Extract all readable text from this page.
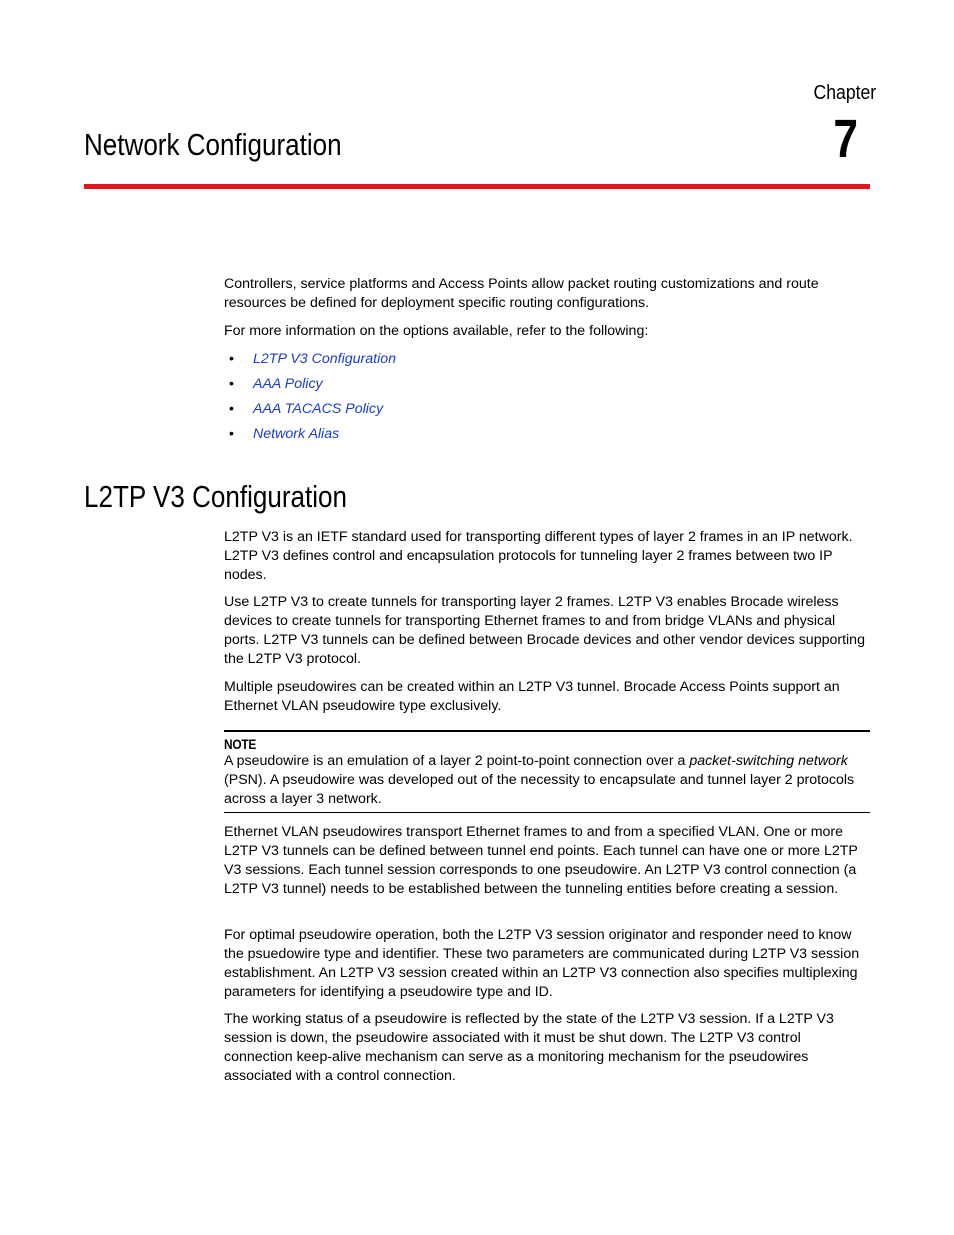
Chapter
7
Network Configuration

Controllers, service platforms and Access Points allow packet routing customizations and route resources be defined for deployment specific routing configurations.

For more information on the options available, refer to the following:

• L2TP V3 Configuration
• AAA Policy
• AAA TACACS Policy
• Network Alias
L2TP V3 Configuration

L2TP V3 is an IETF standard used for transporting different types of layer 2 frames in an IP network. L2TP V3 defines control and encapsulation protocols for tunneling layer 2 frames between two IP nodes.

Use L2TP V3 to create tunnels for transporting layer 2 frames. L2TP V3 enables Brocade wireless devices to create tunnels for transporting Ethernet frames to and from bridge VLANs and physical ports. L2TP V3 tunnels can be defined between Brocade devices and other vendor devices supporting the L2TP V3 protocol.

Multiple pseudowires can be created within an L2TP V3 tunnel. Brocade Access Points support an Ethernet VLAN pseudowire type exclusively.

NOTE

A pseudowire is an emulation of a layer 2 point-to-point connection over a packet-switching network (PSN). A pseudowire was developed out of the necessity to encapsulate and tunnel layer 2 protocols across a layer 3 network.

Ethernet VLAN pseudowires transport Ethernet frames to and from a specified VLAN. One or more L2TP V3 tunnels can be defined between tunnel end points. Each tunnel can have one or more L2TP V3 sessions. Each tunnel session corresponds to one pseudowire. An L2TP V3 control connection (a L2TP V3 tunnel) needs to be established between the tunneling entities before creating a session.

For optimal pseudowire operation, both the L2TP V3 session originator and responder need to know the psuedowire type and identifier. These two parameters are communicated during L2TP V3 session establishment. An L2TP V3 session created within an L2TP V3 connection also specifies multiplexing parameters for identifying a pseudowire type and ID.

The working status of a pseudowire is reflected by the state of the L2TP V3 session. If a L2TP V3 session is down, the pseudowire associated with it must be shut down. The L2TP V3 control connection keep-alive mechanism can serve as a monitoring mechanism for the pseudowires associated with a control connection.
